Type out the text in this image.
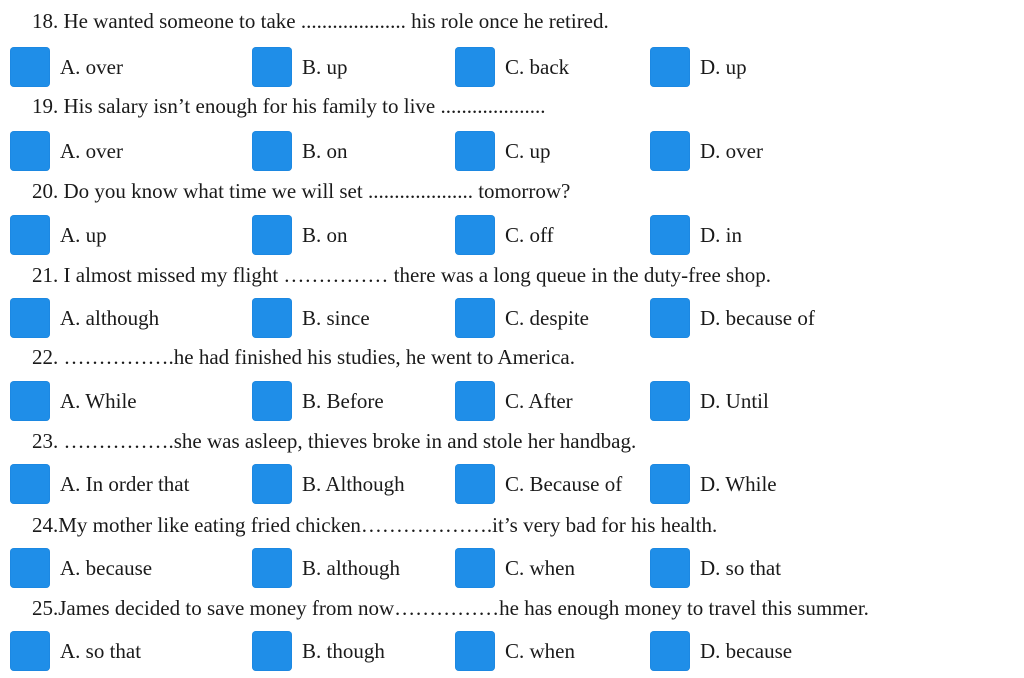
18. He wanted someone to take .................... his role once he retired.
A. over	B. up	C. back	D. up
19. His salary isn’t enough for his family to live ....................
A. over	B. on	C. up	D. over
20. Do you know what time we will set .................... tomorrow?
A. up	B. on	C. off	D. in
21. I almost missed my flight …………… there was a long queue in the duty-free shop.
A. although	B. since	C. despite	D. because of
22. …………….he had finished his studies, he went to America.
A. While	B. Before	C. After	D. Until
23. …………….she was asleep, thieves broke in and stole her handbag.
A. In order that	B. Although	C. Because of	D. While
24.My mother like eating fried chicken……………….it’s very bad for his health.
A. because	B. although	C. when	D. so that
25.James decided to save money from now……………he has enough money to travel this summer.
A. so that	B. though	C. when	D. because
